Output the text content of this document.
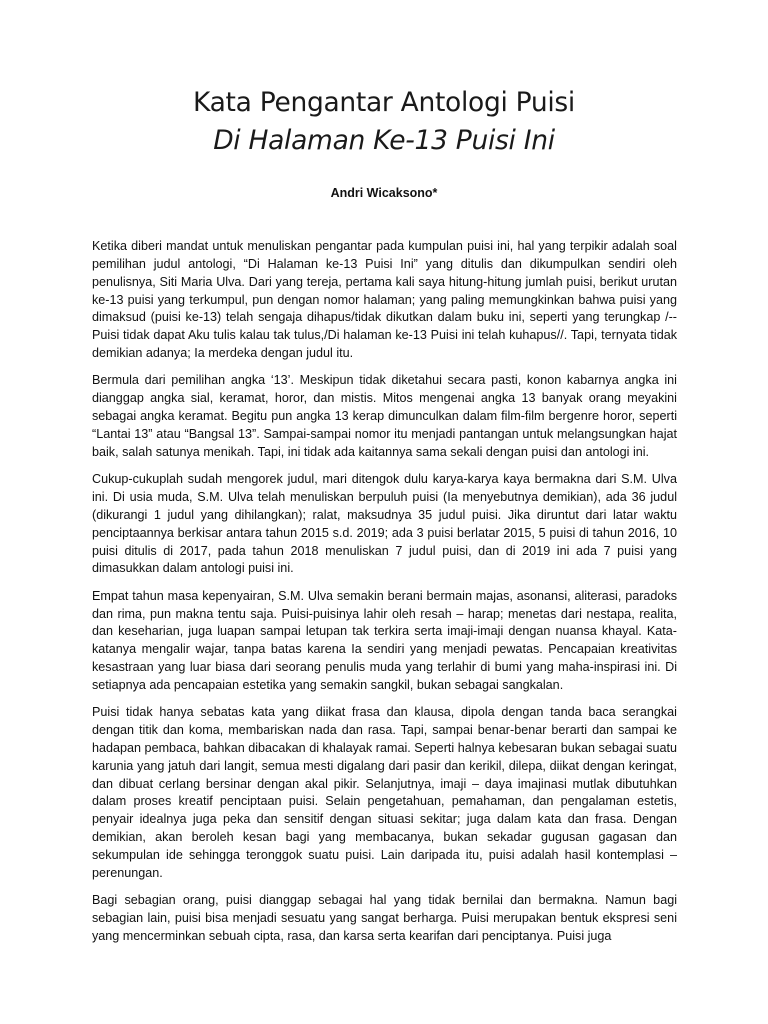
Kata Pengantar Antologi Puisi
Di Halaman Ke-13 Puisi Ini
Andri Wicaksono*

Ketika diberi mandat untuk menuliskan pengantar pada kumpulan puisi ini, hal yang terpikir adalah soal pemilihan judul antologi, “Di Halaman ke-13 Puisi Ini” yang ditulis dan dikumpulkan sendiri oleh penulisnya, Siti Maria Ulva. Dari yang tereja, pertama kali saya hitung-hitung jumlah puisi, berikut urutan ke-13 puisi yang terkumpul, pun dengan nomor halaman; yang paling memungkinkan bahwa puisi yang dimaksud (puisi ke-13) telah sengaja dihapus/tidak dikutkan dalam buku ini, seperti yang terungkap /--Puisi tidak dapat Aku tulis kalau tak tulus,/Di halaman ke-13 Puisi ini telah kuhapus//. Tapi, ternyata tidak demikian adanya; Ia merdeka dengan judul itu.

Bermula dari pemilihan angka ‘13’. Meskipun tidak diketahui secara pasti, konon kabarnya angka ini dianggap angka sial, keramat, horor, dan mistis. Mitos mengenai angka 13 banyak orang meyakini sebagai angka keramat. Begitu pun angka 13 kerap dimunculkan dalam film-film bergenre horor, seperti “Lantai 13” atau “Bangsal 13”. Sampai-sampai nomor itu menjadi pantangan untuk melangsungkan hajat baik, salah satunya menikah. Tapi, ini tidak ada kaitannya sama sekali dengan puisi dan antologi ini.

Cukup-cukuplah sudah mengorek judul, mari ditengok dulu karya-karya kaya bermakna dari S.M. Ulva ini. Di usia muda, S.M. Ulva telah menuliskan berpuluh puisi (Ia menyebutnya demikian), ada 36 judul (dikurangi 1 judul yang dihilangkan); ralat, maksudnya 35 judul puisi. Jika diruntut dari latar waktu penciptaannya berkisar antara tahun 2015 s.d. 2019; ada 3 puisi berlatar 2015, 5 puisi di tahun 2016, 10 puisi ditulis di 2017, pada tahun 2018 menuliskan 7 judul puisi, dan di 2019 ini ada 7 puisi yang dimasukkan dalam antologi puisi ini.

Empat tahun masa kepenyairan, S.M. Ulva semakin berani bermain majas, asonansi, aliterasi, paradoks dan rima, pun makna tentu saja. Puisi-puisinya lahir oleh resah – harap; menetas dari nestapa, realita, dan keseharian, juga luapan sampai letupan tak terkira serta imaji-imaji dengan nuansa khayal. Kata-katanya mengalir wajar, tanpa batas karena Ia sendiri yang menjadi pewatas. Pencapaian kreativitas kesastraan yang luar biasa dari seorang penulis muda yang terlahir di bumi yang maha-inspirasi ini. Di setiapnya ada pencapaian estetika yang semakin sangkil, bukan sebagai sangkalan.

Puisi tidak hanya sebatas kata yang diikat frasa dan klausa, dipola dengan tanda baca serangkai dengan titik dan koma, membariskan nada dan rasa. Tapi, sampai benar-benar berarti dan sampai ke hadapan pembaca, bahkan dibacakan di khalayak ramai. Seperti halnya kebesaran bukan sebagai suatu karunia yang jatuh dari langit, semua mesti digalang dari pasir dan kerikil, dilepa, diikat dengan keringat, dan dibuat cerlang bersinar dengan akal pikir. Selanjutnya, imaji – daya imajinasi mutlak dibutuhkan dalam proses kreatif penciptaan puisi. Selain pengetahuan, pemahaman, dan pengalaman estetis, penyair idealnya juga peka dan sensitif dengan situasi sekitar; juga dalam kata dan frasa. Dengan demikian, akan beroleh kesan bagi yang membacanya, bukan sekadar gugusan gagasan dan sekumpulan ide sehingga teronggok suatu puisi. Lain daripada itu, puisi adalah hasil kontemplasi – perenungan.

Bagi sebagian orang, puisi dianggap sebagai hal yang tidak bernilai dan bermakna. Namun bagi sebagian lain, puisi bisa menjadi sesuatu yang sangat berharga. Puisi merupakan bentuk ekspresi seni yang mencerminkan sebuah cipta, rasa, dan karsa serta kearifan dari penciptanya. Puisi juga
